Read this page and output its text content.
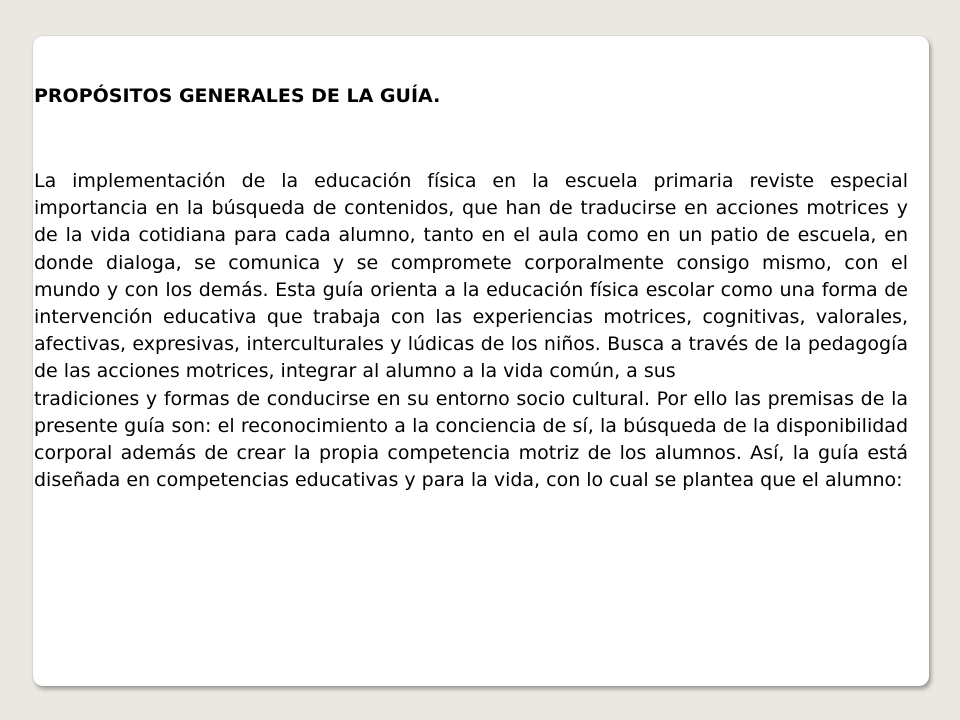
PROPÓSITOS GENERALES DE LA GUÍA.

La implementación de la educación física en la escuela primaria reviste especial importancia en la búsqueda de contenidos, que han de traducirse en acciones motrices y de la vida cotidiana para cada alumno, tanto en el aula como en un patio de escuela, en donde dialoga, se comunica y se compromete corporalmente consigo mismo, con el mundo y con los demás. Esta guía orienta a la educación física escolar como una forma de intervención educativa que trabaja con las experiencias motrices, cognitivas, valorales, afectivas, expresivas, interculturales y lúdicas de los niños. Busca a través de la pedagogía de las acciones motrices, integrar al alumno a la vida común, a sus

tradiciones y formas de conducirse en su entorno socio cultural. Por ello las premisas de la presente guía son: el reconocimiento a la conciencia de sí, la búsqueda de la disponibilidad corporal además de crear la propia competencia motriz de los alumnos. Así, la guía está diseñada en competencias educativas y para la vida, con lo cual se plantea que el alumno:
